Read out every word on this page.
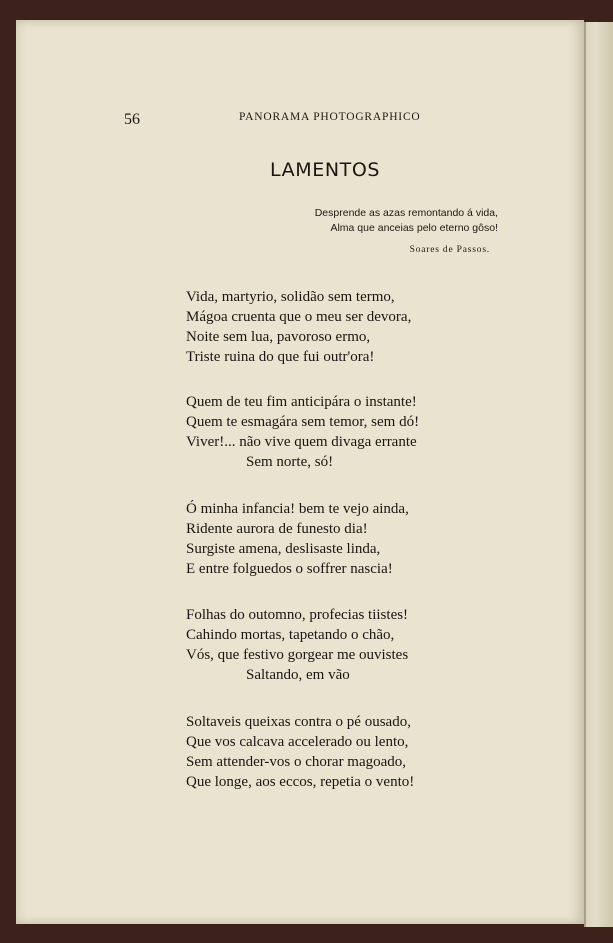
56	PANORAMA PHOTOGRAPHICO
LAMENTOS
Desprende as azas remontando á vida,
Alma que anceias pelo eterno gôso!
Soares de Passos.
Vida, martyrio, solidão sem termo,
Mágoa cruenta que o meu ser devora,
Noite sem lua, pavoroso ermo,
Triste ruina do que fui outr'ora!
Quem de teu fim anticipára o instante!
Quem te esmagára sem temor, sem dó!
Viver!... não vive quem divaga errante
Sem norte, só!
Ó minha infancia! bem te vejo ainda,
Ridente aurora de funesto dia!
Surgiste amena, deslisaste linda,
E entre folguedos o soffrer nascia!
Folhas do outomno, profecias tiistes!
Cahindo mortas, tapetando o chão,
Vós, que festivo gorgear me ouvistes
Saltando, em vão
Soltaveis queixas contra o pé ousado,
Que vos calcava accelerado ou lento,
Sem attender-vos o chorar magoado,
Que longe, aos eccos, repetia o vento!
